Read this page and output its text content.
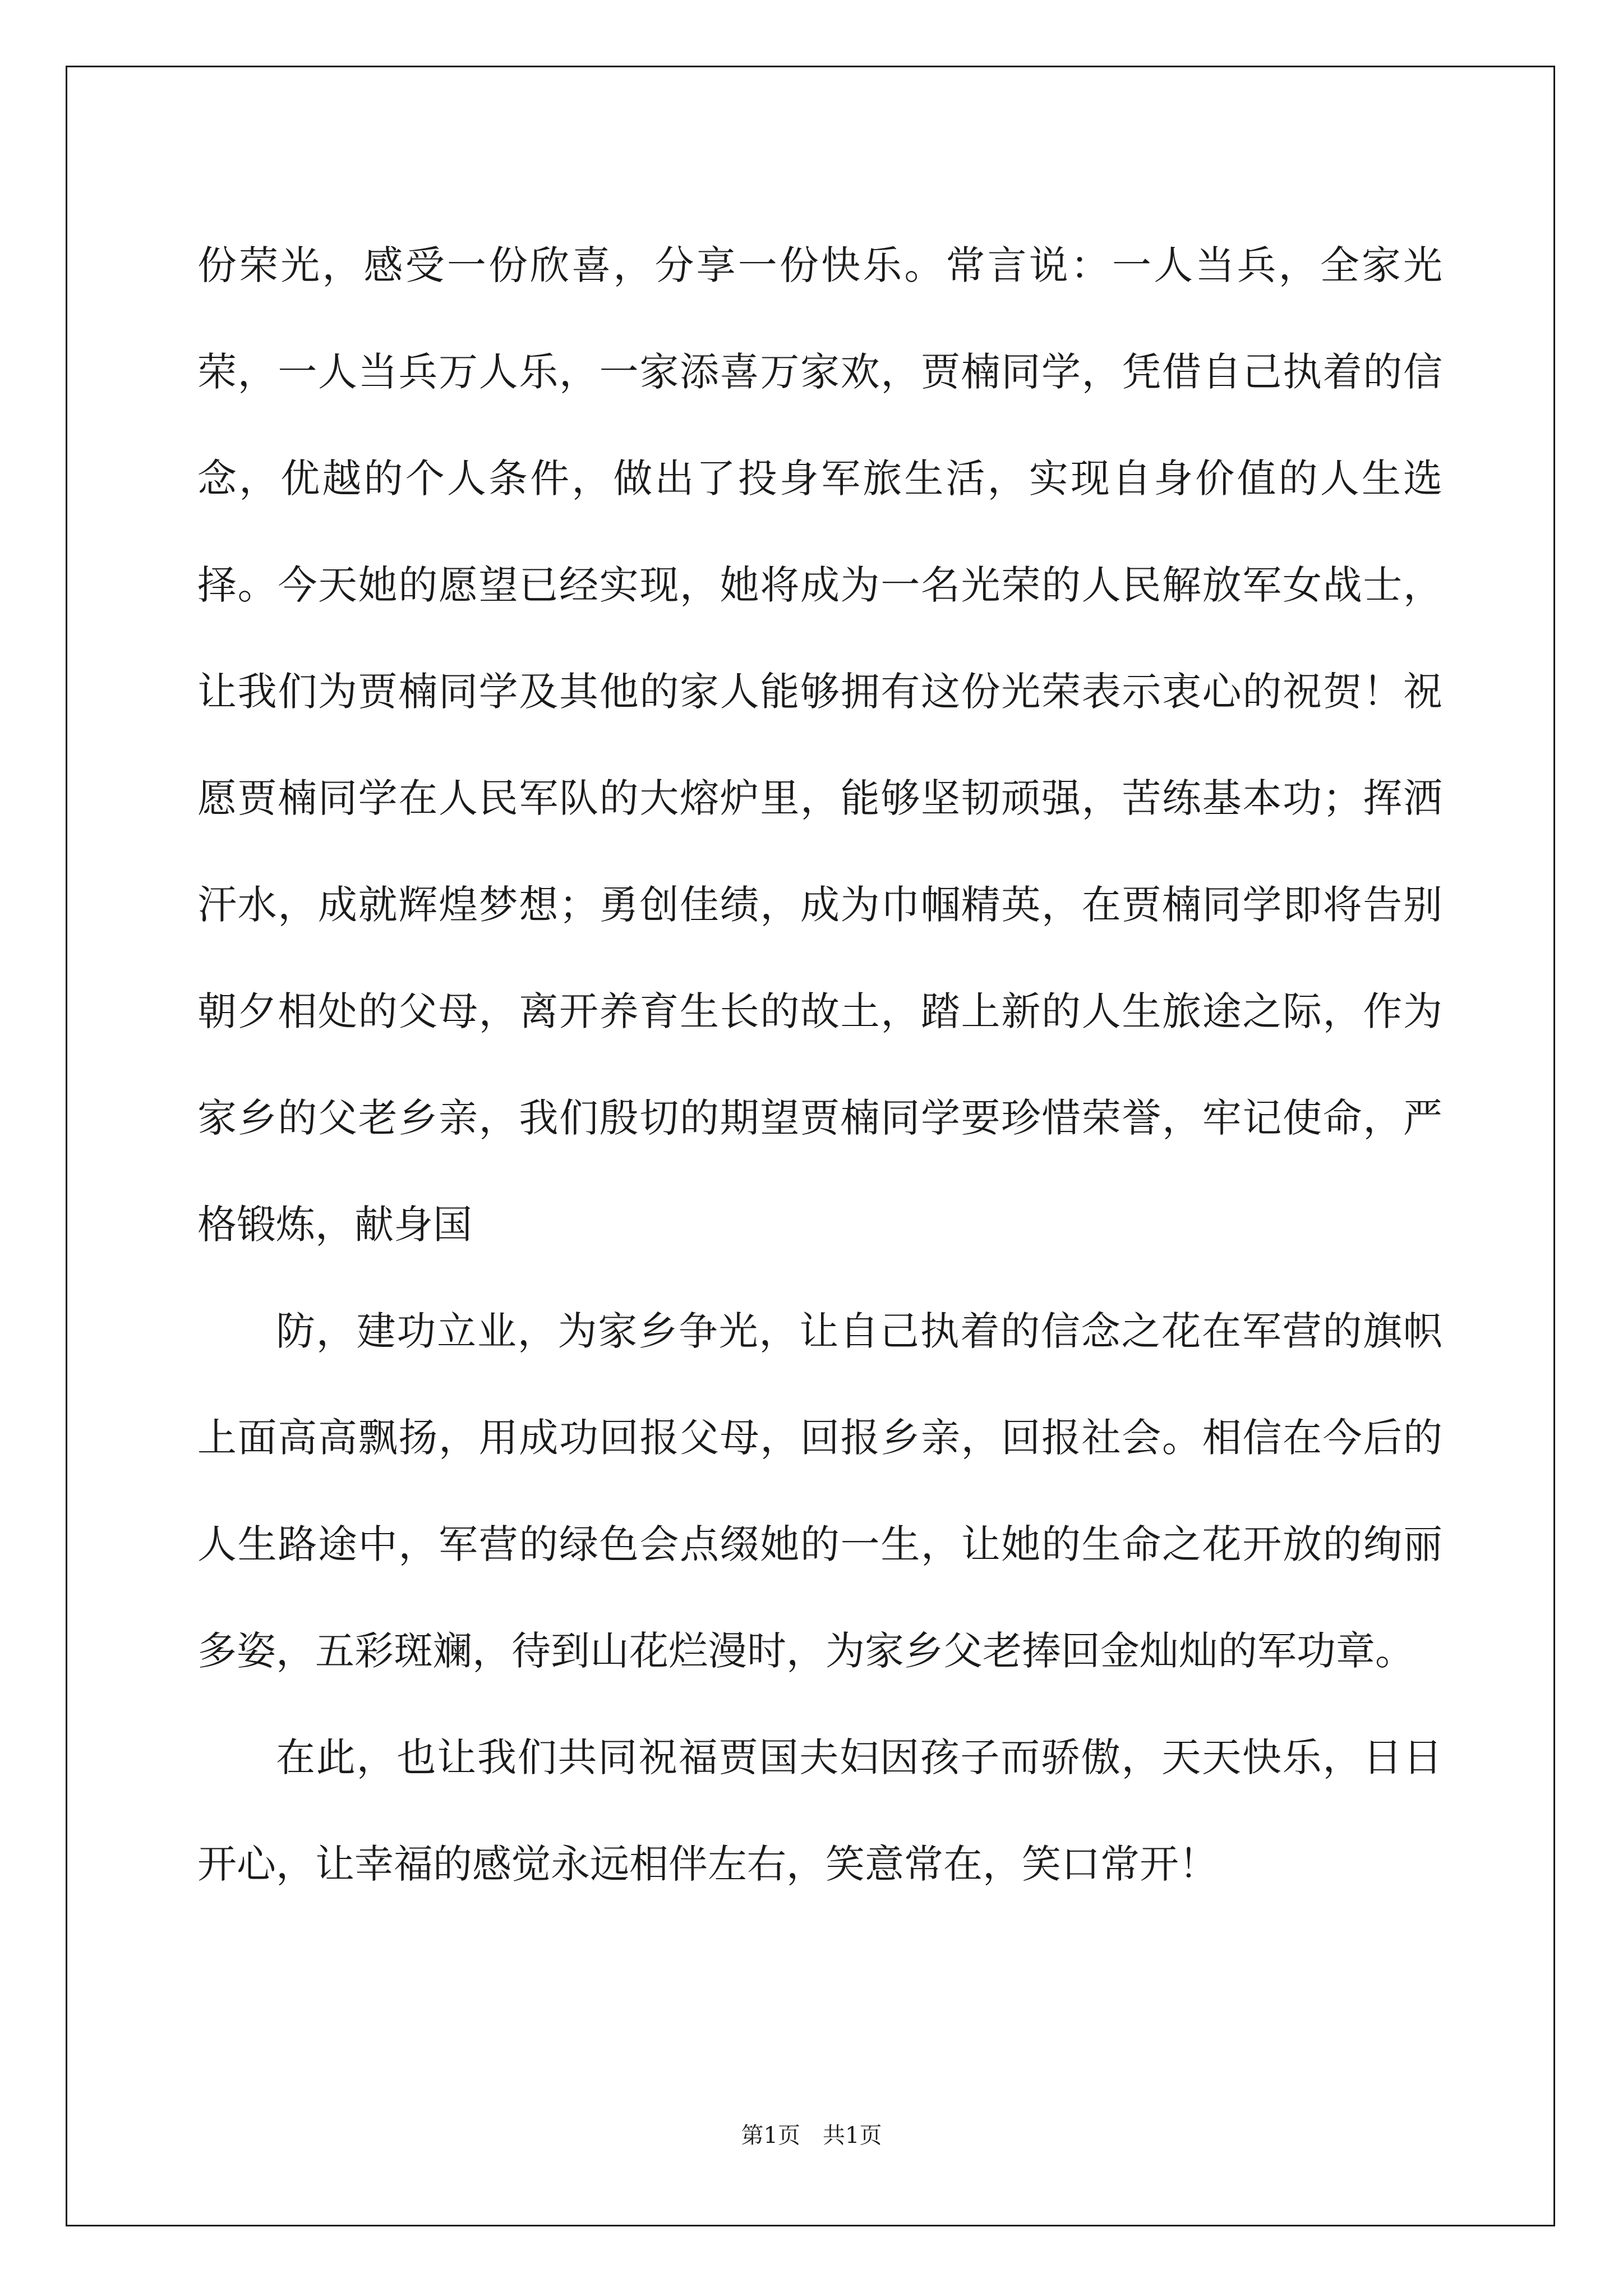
份荣光，感受一份欣喜，分享一份快乐。常言说：一人当兵，全家光荣，一人当兵万人乐，一家添喜万家欢，贾楠同学，凭借自己执着的信念，优越的个人条件，做出了投身军旅生活，实现自身价值的人生选择。今天她的愿望已经实现，她将成为一名光荣的人民解放军女战士，让我们为贾楠同学及其他的家人能够拥有这份光荣表示衷心的祝贺！祝愿贾楠同学在人民军队的大熔炉里，能够坚韧顽强，苦练基本功；挥洒汗水，成就辉煌梦想；勇创佳绩，成为巾帼精英，在贾楠同学即将告别朝夕相处的父母，离开养育生长的故土，踏上新的人生旅途之际，作为家乡的父老乡亲，我们殷切的期望贾楠同学要珍惜荣誉，牢记使命，严格锻炼，献身国

防，建功立业，为家乡争光，让自己执着的信念之花在军营的旗帜上面高高飘扬，用成功回报父母，回报乡亲，回报社会。相信在今后的人生路途中，军营的绿色会点缀她的一生，让她的生命之花开放的绚丽多姿，五彩斑斓，待到山花烂漫时，为家乡父老捧回金灿灿的军功章。

在此，也让我们共同祝福贾国夫妇因孩子而骄傲，天天快乐，日日开心，让幸福的感觉永远相伴左右，笑意常在，笑口常开！

第1页 共1页
